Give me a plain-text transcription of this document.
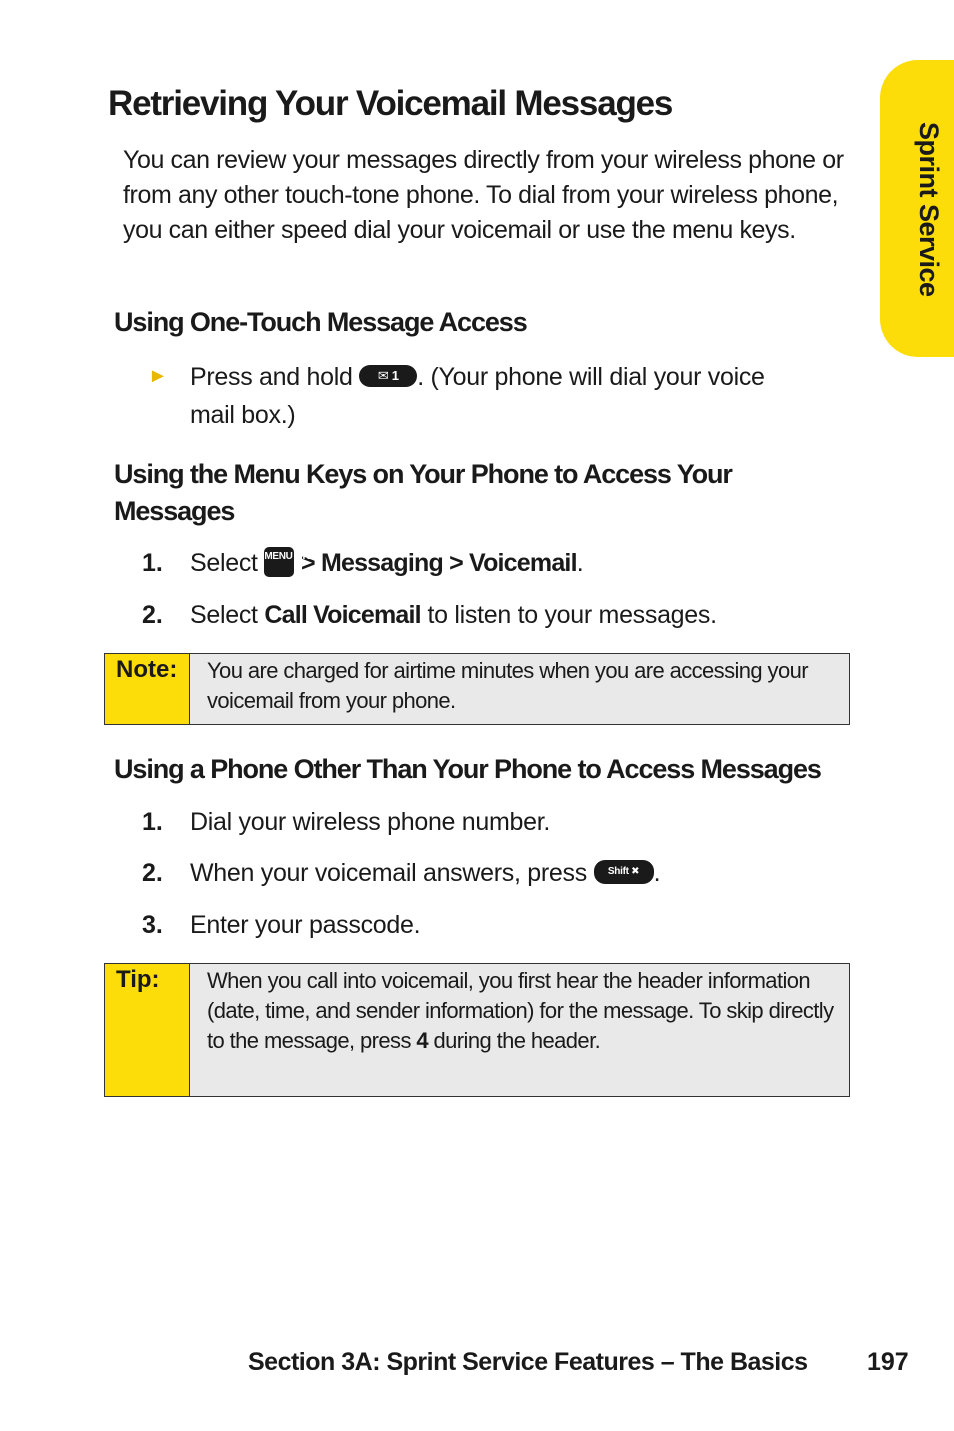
Sprint Service
Retrieving Your Voicemail Messages

You can review your messages directly from your wireless phone or from any other touch-tone phone. To dial from your wireless phone, you can either speed dial your voicemail or use the menu keys.

Using One-Touch Message Access
► Press and hold ✉ 1 . (Your phone will dial your voice
mail box.)
Using the Menu Keys on Your Phone to Access Your
Messages
1. Select MENU OK > Messaging > Voicemail.
2. Select Call Voicemail to listen to your messages.
Note:	You are charged for airtime minutes when you are accessing your voicemail from your phone.
Using a Phone Other Than Your Phone to Access Messages
1. Dial your wireless phone number.
2. When your voicemail answers, press Shift ✖ .
3. Enter your passcode.
Tip:	When you call into voicemail, you first hear the header information (date, time, and sender information) for the message. To skip directly to the message, press 4 during the header.
Section 3A: Sprint Service Features – The Basics 197
